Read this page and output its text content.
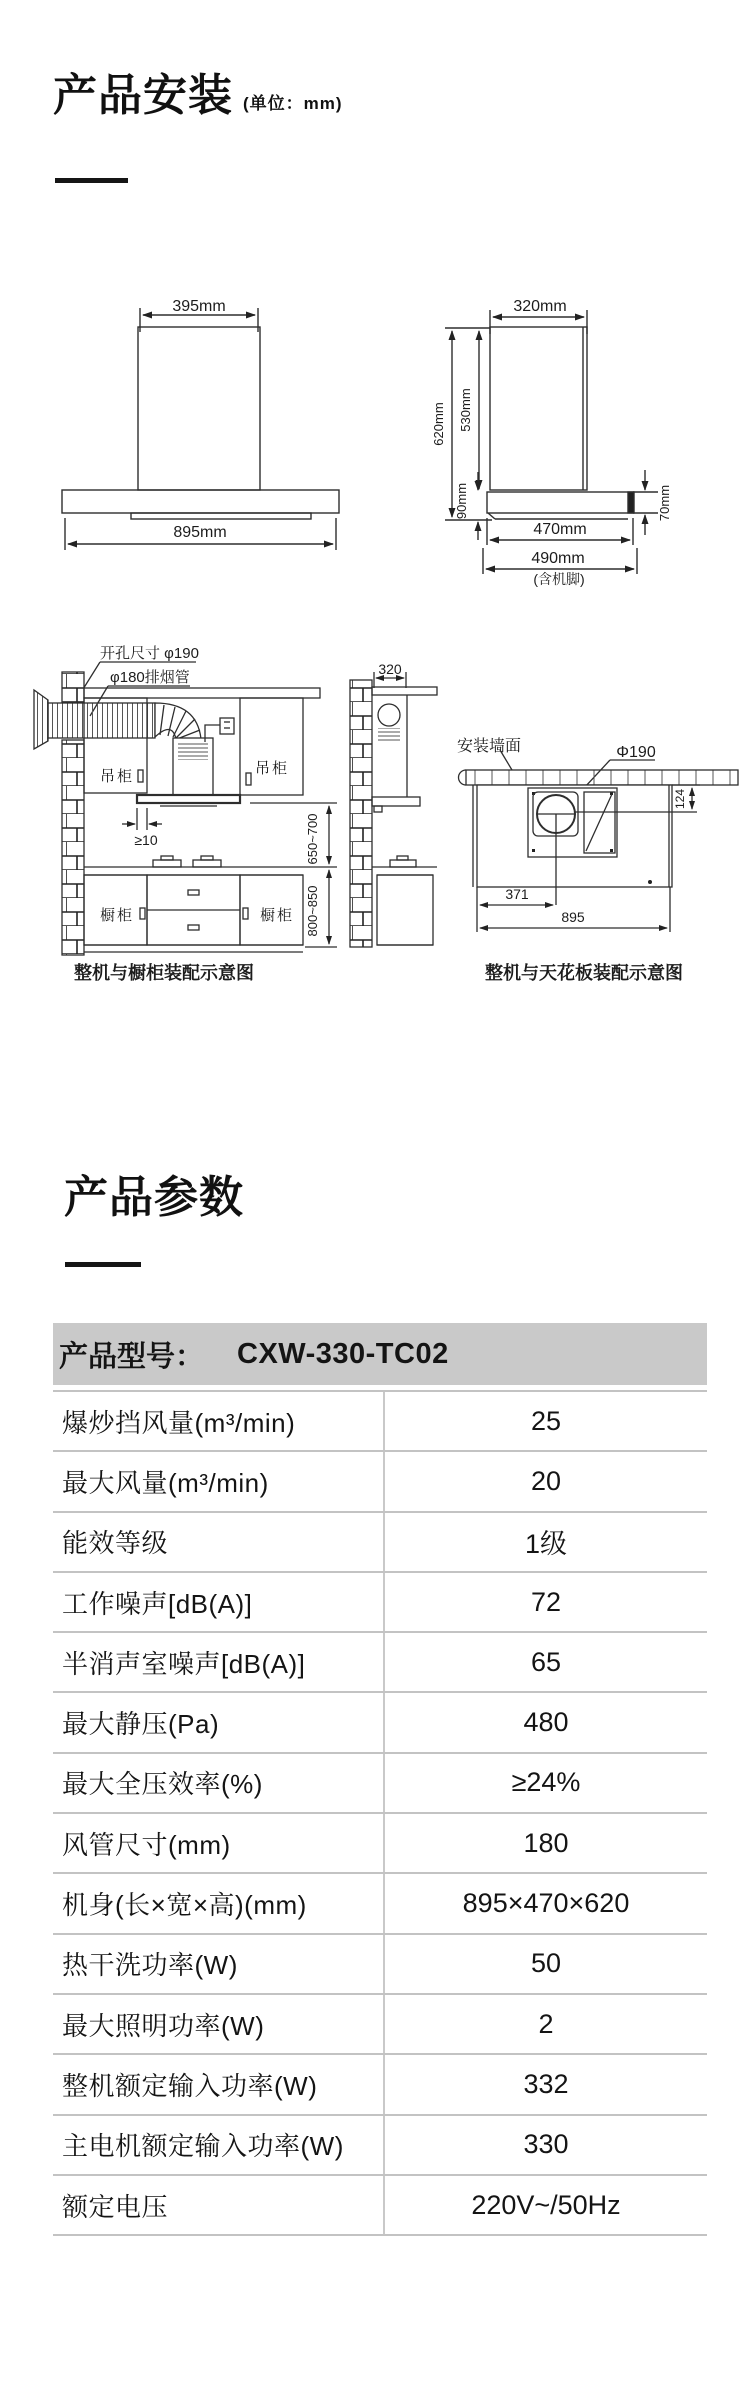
产品安装 (单位：mm)
395mm
895mm
320mm
620mm 530mm
90mm	70mm
470mm
490mm
(含机脚)
开孔尺寸 φ190
φ180排烟管
吊柜	吊柜
橱柜	橱柜
≥10	650~700
800~850
整机与橱柜装配示意图
320
安装墙面	Φ190
124
371
895
整机与天花板装配示意图
产品参数
产品型号： CXW-330-TC02
爆炒挡风量(m³/min)	25
最大风量(m³/min)	20
能效等级	1级
工作噪声[dB(A)]	72
半消声室噪声[dB(A)]	65
最大静压(Pa)	480
最大全压效率(%)	≥24%
风管尺寸(mm)	180
机身(长×宽×高)(mm)	895×470×620
热干洗功率(W)	50
最大照明功率(W)	2
整机额定输入功率(W)	332
主电机额定输入功率(W)	330
额定电压	220V~/50Hz
